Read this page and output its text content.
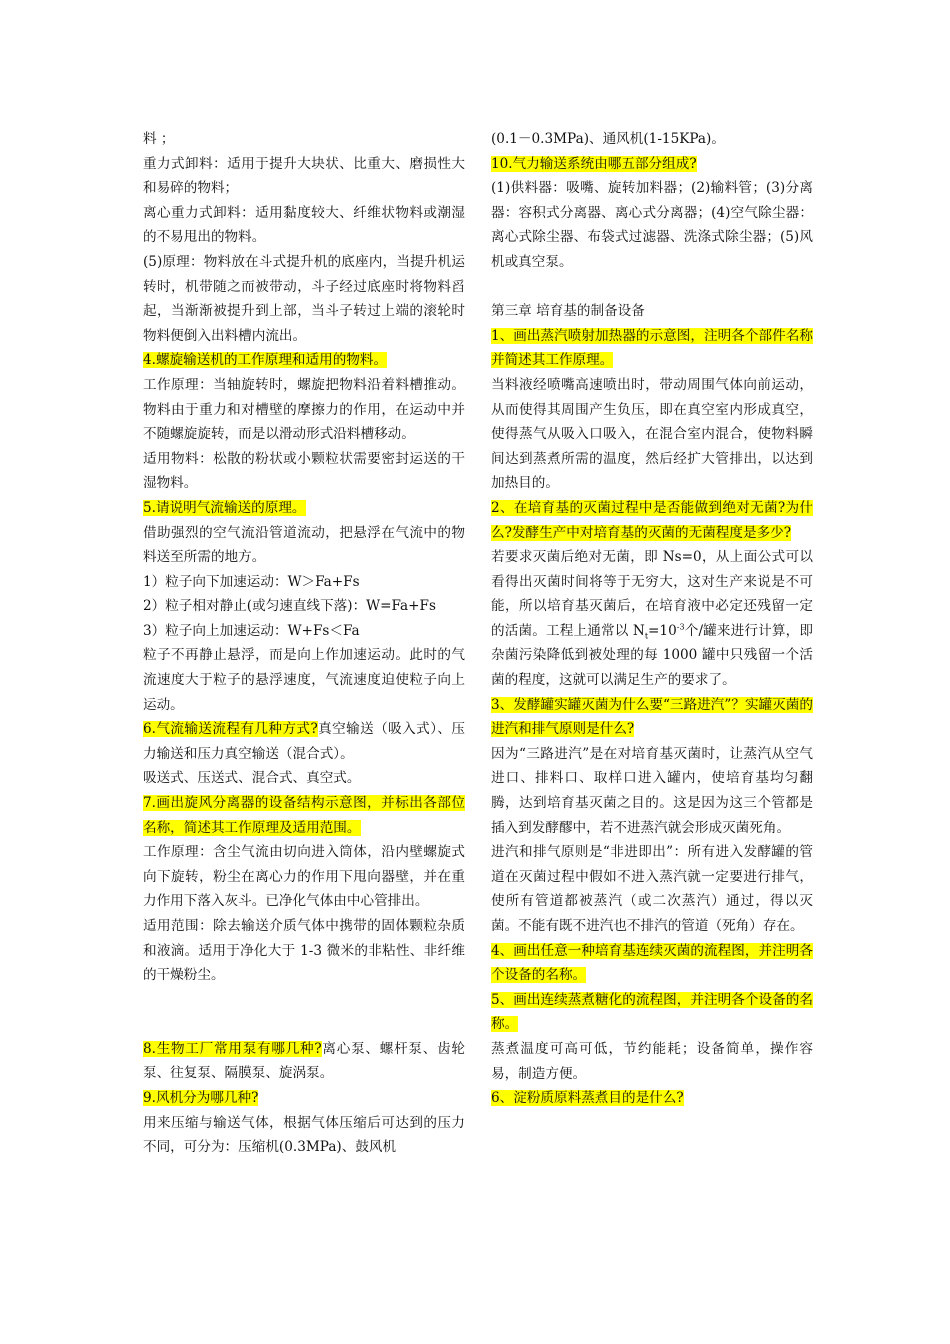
料 ；

重力式卸料：适用于提升大块状、比重大、磨损性大和易碎的物料；

离心重力式卸料：适用黏度较大、纤维状物料或潮湿的不易甩出的物料。

(5)原理：物料放在斗式提升机的底座内，当提升机运转时，机带随之而被带动，斗子经过底座时将物料舀起，当渐渐被提升到上部，当斗子转过上端的滚轮时物料便倒入出料槽内流出。

4.螺旋输送机的工作原理和适用的物料。

工作原理：当轴旋转时，螺旋把物料沿着料槽推动。物料由于重力和对槽壁的摩擦力的作用，在运动中并不随螺旋旋转，而是以滑动形式沿料槽移动。

适用物料：松散的粉状或小颗粒状需要密封运送的干湿物料。

5.请说明气流输送的原理。

借助强烈的空气流沿管道流动，把悬浮在气流中的物料送至所需的地方。

1）粒子向下加速运动：W＞Fa+Fs

2）粒子相对静止(或匀速直线下落)：W=Fa+Fs

3）粒子向上加速运动：W+Fs＜Fa

粒子不再静止悬浮，而是向上作加速运动。此时的气流速度大于粒子的悬浮速度，气流速度迫使粒子向上运动。

6.气流输送流程有几种方式?真空输送（吸入式）、压力输送和压力真空输送（混合式）。

吸送式、压送式、混合式、真空式。

7.画出旋风分离器的设备结构示意图，并标出各部位名称，简述其工作原理及适用范围。

工作原理：含尘气流由切向进入筒体，沿内壁螺旋式向下旋转，粉尘在离心力的作用下甩向器壁，并在重力作用下落入灰斗。已净化气体由中心管排出。

适用范围：除去输送介质气体中携带的固体颗粒杂质和液滴。适用于净化大于 1-3 微米的非粘性、非纤维的干燥粉尘。

8.生物工厂常用泵有哪几种?离心泵、螺杆泵、齿轮泵、往复泵、隔膜泵、旋涡泵。

9.风机分为哪几种?

用来压缩与输送气体，根据气体压缩后可达到的压力不同，可分为：压缩机(0.3MPa)、鼓风机

(0.1－0.3MPa)、通风机(1-15KPa)。

10.气力输送系统由哪五部分组成?

(1)供料器：吸嘴、旋转加料器；(2)输料管；(3)分离器：容积式分离器、离心式分离器；(4)空气除尘器：离心式除尘器、布袋式过滤器、洗涤式除尘器；(5)风机或真空泵。

第三章 培育基的制备设备

1、画出蒸汽喷射加热器的示意图，注明各个部件名称并简述其工作原理。

当料液经喷嘴高速喷出时，带动周围气体向前运动，从而使得其周围产生负压，即在真空室内形成真空，使得蒸气从吸入口吸入，在混合室内混合，使物料瞬间达到蒸煮所需的温度，然后经扩大管排出，以达到加热目的。

2、在培育基的灭菌过程中是否能做到绝对无菌?为什么?发酵生产中对培育基的灭菌的无菌程度是多少?

若要求灭菌后绝对无菌，即 Ns=0，从上面公式可以看得出灭菌时间将等于无穷大，这对生产来说是不可能，所以培育基灭菌后，在培育液中必定还残留一定的活菌。工程上通常以 $N_t=10^{-3}$个/罐来进行计算，即杂菌污染降低到被处理的每 1000 罐中只残留一个活菌的程度，这就可以满足生产的要求了。

3、发酵罐实罐灭菌为什么要“三路进汽”？实罐灭菌的进汽和排气原则是什么?

因为“三路进汽”是在对培育基灭菌时，让蒸汽从空气进口、排料口、取样口进入罐内，使培育基均匀翻腾，达到培育基灭菌之目的。这是因为这三个管都是插入到发酵醪中，若不进蒸汽就会形成灭菌死角。

进汽和排气原则是“非进即出”：所有进入发酵罐的管道在灭菌过程中假如不进入蒸汽就一定要进行排气，使所有管道都被蒸汽（或二次蒸汽）通过，得以灭菌。不能有既不进汽也不排汽的管道（死角）存在。

4、画出任意一种培育基连续灭菌的流程图，并注明各个设备的名称。

5、画出连续蒸煮糖化的流程图，并注明各个设备的名称。

蒸煮温度可高可低，节约能耗；设备简单，操作容易，制造方便。

6、淀粉质原料蒸煮目的是什么?
